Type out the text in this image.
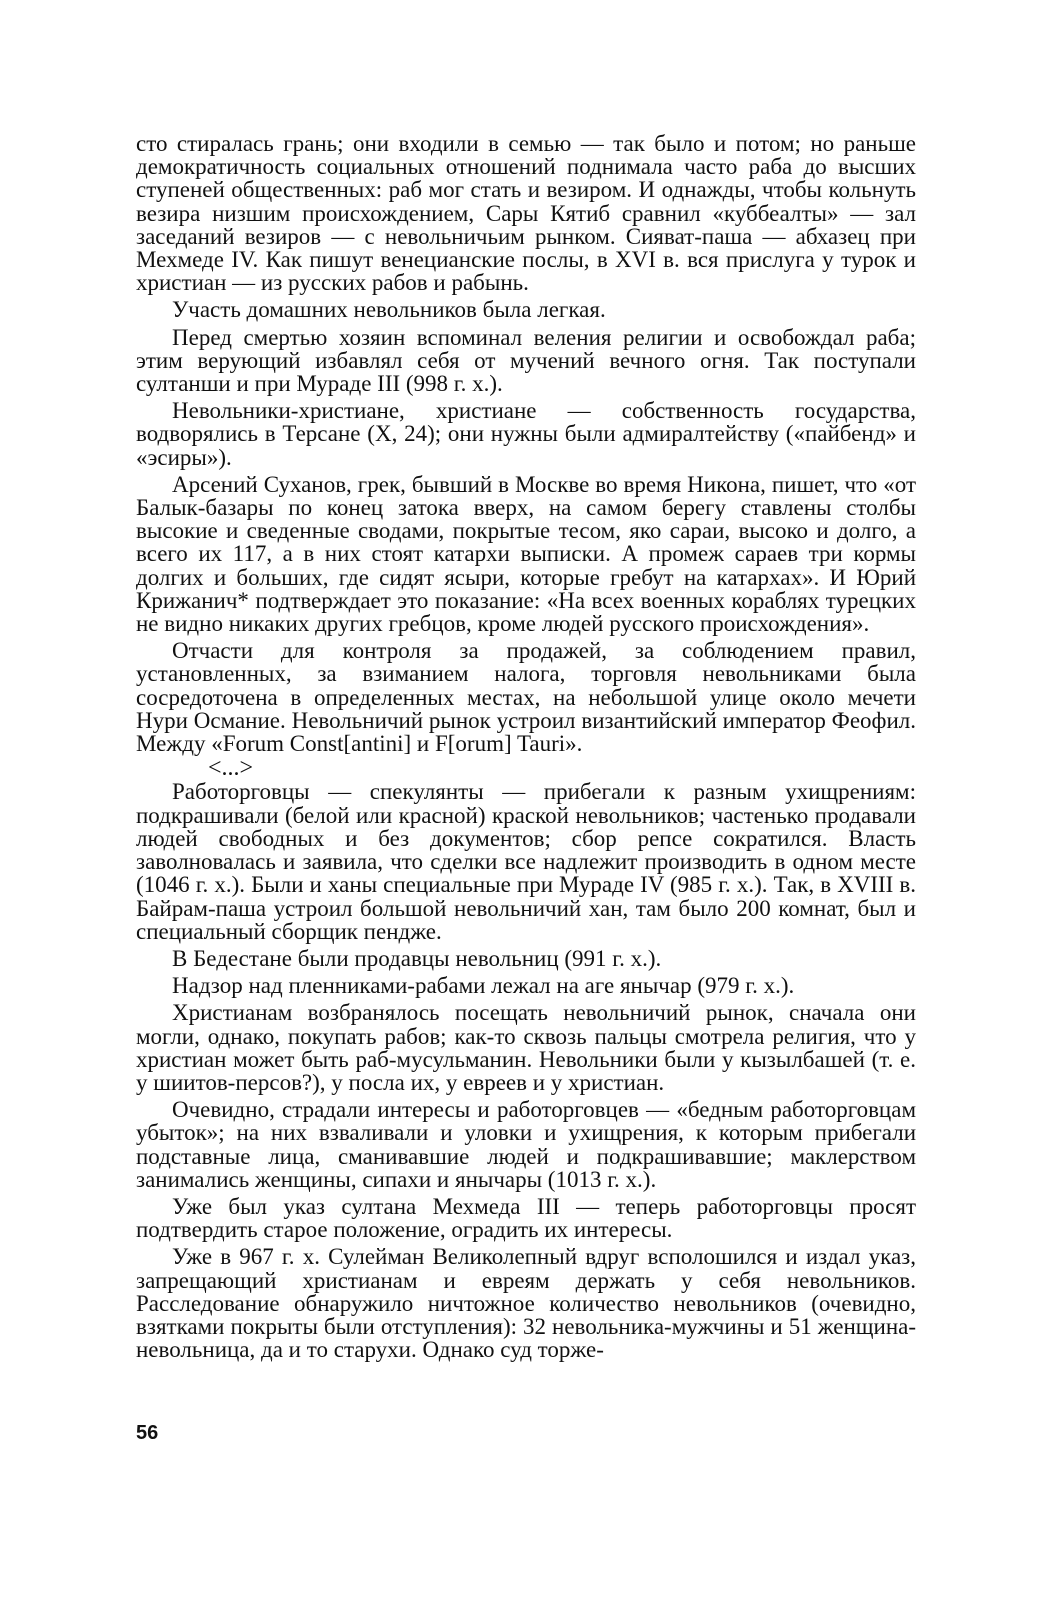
сто стиралась грань; они входили в семью — так было и потом; но раньше демократичность социальных отношений поднимала часто раба до высших ступеней общественных: раб мог стать и везиром. И однажды, чтобы кольнуть везира низшим происхождением, Сары Кятиб сравнил «куббеалты» — зал заседаний везиров — с невольничьим рынком. Сияват-паша — абхазец при Мехмеде IV. Как пишут венецианские послы, в XVI в. вся прислуга у турок и христиан — из русских рабов и рабынь.

Участь домашних невольников была легкая.

Перед смертью хозяин вспоминал веления религии и освобождал раба; этим верующий избавлял себя от мучений вечного огня. Так поступали султанши и при Мураде III (998 г. х.).

Невольники-христиане, христиане — собственность государства, водворялись в Терсане (X, 24); они нужны были адмиралтейству («пайбенд» и «эсиры»).

Арсений Суханов, грек, бывший в Москве во время Никона, пишет, что «от Балык-базары по конец затока вверх, на самом берегу ставлены столбы высокие и сведенные сводами, покрытые тесом, яко сараи, высоко и долго, а всего их 117, а в них стоят катархи выписки. А промеж сараев три кормы долгих и больших, где сидят ясыри, которые гребут на катархах». И Юрий Крижанич* подтверждает это показание: «На всех военных кораблях турецких не видно никаких других гребцов, кроме людей русского происхождения».

Отчасти для контроля за продажей, за соблюдением правил, установленных, за взиманием налога, торговля невольниками была сосредоточена в определенных местах, на небольшой улице около мечети Нури Османие. Невольничий рынок устроил византийский император Феофил. Между «Forum Const[antini] и F[orum] Tauri».

<...>

Работорговцы — спекулянты — прибегали к разным ухищрениям: подкрашивали (белой или красной) краской невольников; частенько продавали людей свободных и без документов; сбор репсе сократился. Власть заволновалась и заявила, что сделки все надлежит производить в одном месте (1046 г. х.). Были и ханы специальные при Мураде IV (985 г. х.). Так, в XVIII в. Байрам-паша устроил большой невольничий хан, там было 200 комнат, был и специальный сборщик пендже.

В Бедестане были продавцы невольниц (991 г. х.).

Надзор над пленниками-рабами лежал на аге янычар (979 г. х.).

Христианам возбранялось посещать невольничий рынок, сначала они могли, однако, покупать рабов; как-то сквозь пальцы смотрела религия, что у христиан может быть раб-мусульманин. Невольники были у кызылбашей (т. е. у шиитов-персов?), у посла их, у евреев и у христиан.

Очевидно, страдали интересы и работорговцев — «бедным работорговцам убыток»; на них взваливали и уловки и ухищрения, к которым прибегали подставные лица, сманивавшие людей и подкрашивавшие; маклерством занимались женщины, сипахи и янычары (1013 г. х.).

Уже был указ султана Мехмеда III — теперь работорговцы просят подтвердить старое положение, оградить их интересы.

Уже в 967 г. х. Сулейман Великолепный вдруг всполошился и издал указ, запрещающий христианам и евреям держать у себя невольников. Расследование обнаружило ничтожное количество невольников (очевидно, взятками покрыты были отступления): 32 невольника-мужчины и 51 женщина-невольница, да и то старухи. Однако суд торже-

56
